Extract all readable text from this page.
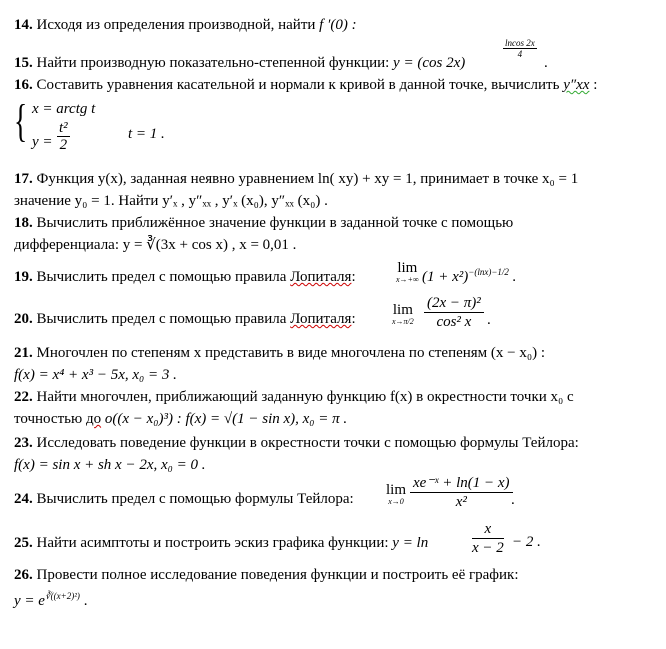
14. Исходя из определения производной, найти f ′(0) :
15. Найти производную показательно-степенной функции: y = (cos 2x)
$\frac{lncos 2x}{4}$
.
16. Составить уравнения касательной и нормали к кривой в данной точке, вычислить y″xx :
{ x = arctg t
$y = \frac{\text{t²}}{2}$	t = 1 .
17. Функция y(x), заданная неявно уравнением ln( xy) + xy = 1, принимает в точке x₀ = 1
значение y₀ = 1. Найти y′ₓ , y″ₓₓ , y′ₓ (x₀), y″ₓₓ (x₀) .
18. Вычислить приближённое значение функции в заданной точке с помощью
дифференциала: y = ∛(3x + cos x) , x = 0,01 .
19. Вычислить предел с помощью правила Лопиталя:
lim
x→+∞ $(1 + x^2)^{-(lnx)-1/2}$ .
20. Вычислить предел с помощью правила Лопиталя:
lim
$x\to\pi/2 \frac{\text{(2x − π)²}}{\text{cos² x}}$ .
21. Многочлен по степеням x представить в виде многочлена по степеням (x − x₀) :
f(x) = x⁴ + x³ − 5x, x₀ = 3 .
22. Найти многочлен, приближающий заданную функцию f(x) в окрестности точки x₀ с
точностью до o((x − x₀)³) : f(x) = √(1 − sin x), x₀ = π .
23. Исследовать поведение функции в окрестности точки с помощью формулы Тейлора:
f(x) = sin x + sh x − 2x, x₀ = 0 .
24. Вычислить предел с помощью формулы Тейлора:
lim
$x\to 0 \frac{\text{xe⁻ˣ + ln(1 − x)}}{\text{x²}}$
.
25. Найти асимптоты и построить эскиз графика функции: y = ln	$\frac{x}{x - 2} - 2$ .
26. Провести полное исследование поведения функции и построить её график:
$y = e^{∛((x+2)^2)}$ .
